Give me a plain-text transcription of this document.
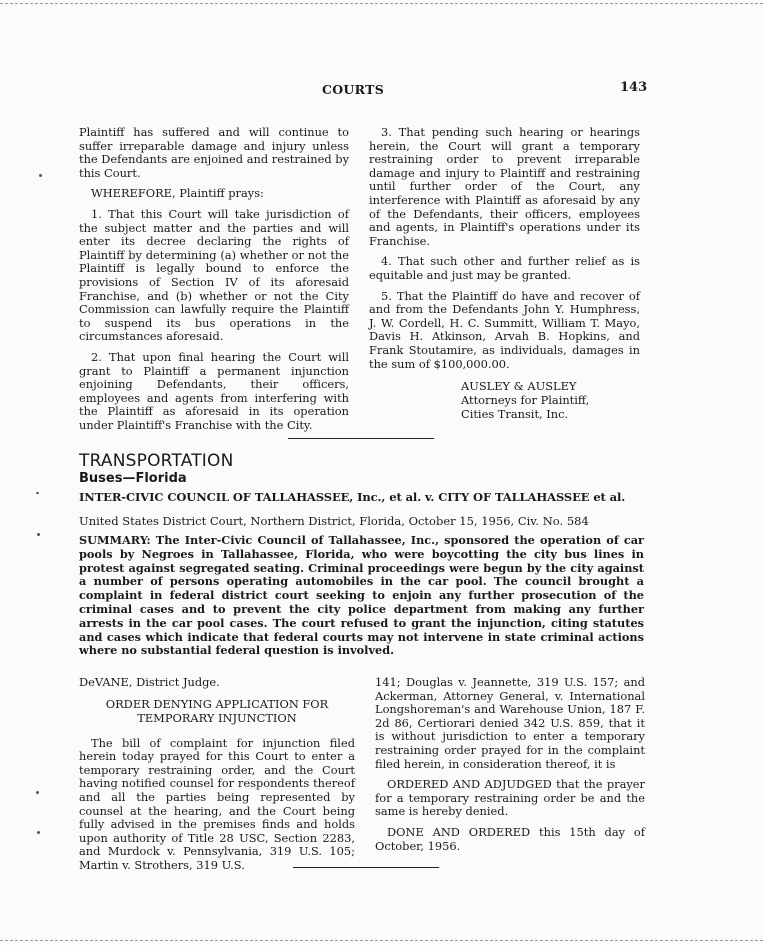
COURTS	143

Plaintiff has suffered and will continue to suffer irreparable damage and injury unless the Defendants are enjoined and restrained by this Court.

WHEREFORE, Plaintiff prays:

1. That this Court will take jurisdiction of the subject matter and the parties and will enter its decree declaring the rights of Plaintiff by determining (a) whether or not the Plaintiff is legally bound to enforce the provisions of Section IV of its aforesaid Franchise, and (b) whether or not the City Commission can lawfully require the Plaintiff to suspend its bus operations in the circumstances aforesaid.

2. That upon final hearing the Court will grant to Plaintiff a permanent injunction enjoining Defendants, their officers, employees and agents from interfering with the Plaintiff as aforesaid in its operation under Plaintiff's Franchise with the City.

3. That pending such hearing or hearings herein, the Court will grant a temporary restraining order to prevent irreparable damage and injury to Plaintiff and restraining until further order of the Court, any interference with Plaintiff as aforesaid by any of the Defendants, their officers, employees and agents, in Plaintiff's operations under its Franchise.

4. That such other and further relief as is equitable and just may be granted.

5. That the Plaintiff do have and recover of and from the Defendants John Y. Humphress, J. W. Cordell, H. C. Summitt, William T. Mayo, Davis H. Atkinson, Arvah B. Hopkins, and Frank Stoutamire, as individuals, damages in the sum of $100,000.00.

AUSLEY & AUSLEY
Attorneys for Plaintiff,
Cities Transit, Inc.
TRANSPORTATION
Buses—Florida
INTER-CIVIC COUNCIL OF TALLAHASSEE, Inc., et al. v. CITY OF TALLAHASSEE et al.
United States District Court, Northern District, Florida, October 15, 1956, Civ. No. 584
SUMMARY: The Inter-Civic Council of Tallahassee, Inc., sponsored the operation of car pools by Negroes in Tallahassee, Florida, who were boycotting the city bus lines in protest against segregated seating. Criminal proceedings were begun by the city against a number of persons operating automobiles in the car pool. The council brought a complaint in federal district court seeking to enjoin any further prosecution of the criminal cases and to prevent the city police department from making any further arrests in the car pool cases. The court refused to grant the injunction, citing statutes and cases which indicate that federal courts may not intervene in state criminal actions where no substantial federal question is involved.

DeVANE, District Judge.

ORDER DENYING APPLICATION FOR
TEMPORARY INJUNCTION

The bill of complaint for injunction filed herein today prayed for this Court to enter a temporary restraining order, and the Court having notified counsel for respondents thereof and all the parties being represented by counsel at the hearing, and the Court being fully advised in the premises finds and holds upon authority of Title 28 USC, Section 2283, and Murdock v. Pennsylvania, 319 U.S. 105; Martin v. Strothers, 319 U.S.

141; Douglas v. Jeannette, 319 U.S. 157; and Ackerman, Attorney General, v. International Longshoreman's and Warehouse Union, 187 F. 2d 86, Certiorari denied 342 U.S. 859, that it is without jurisdiction to enter a temporary restraining order prayed for in the complaint filed herein, in consideration thereof, it is

ORDERED AND ADJUDGED that the prayer for a temporary restraining order be and the same is hereby denied.

DONE AND ORDERED this 15th day of October, 1956.
